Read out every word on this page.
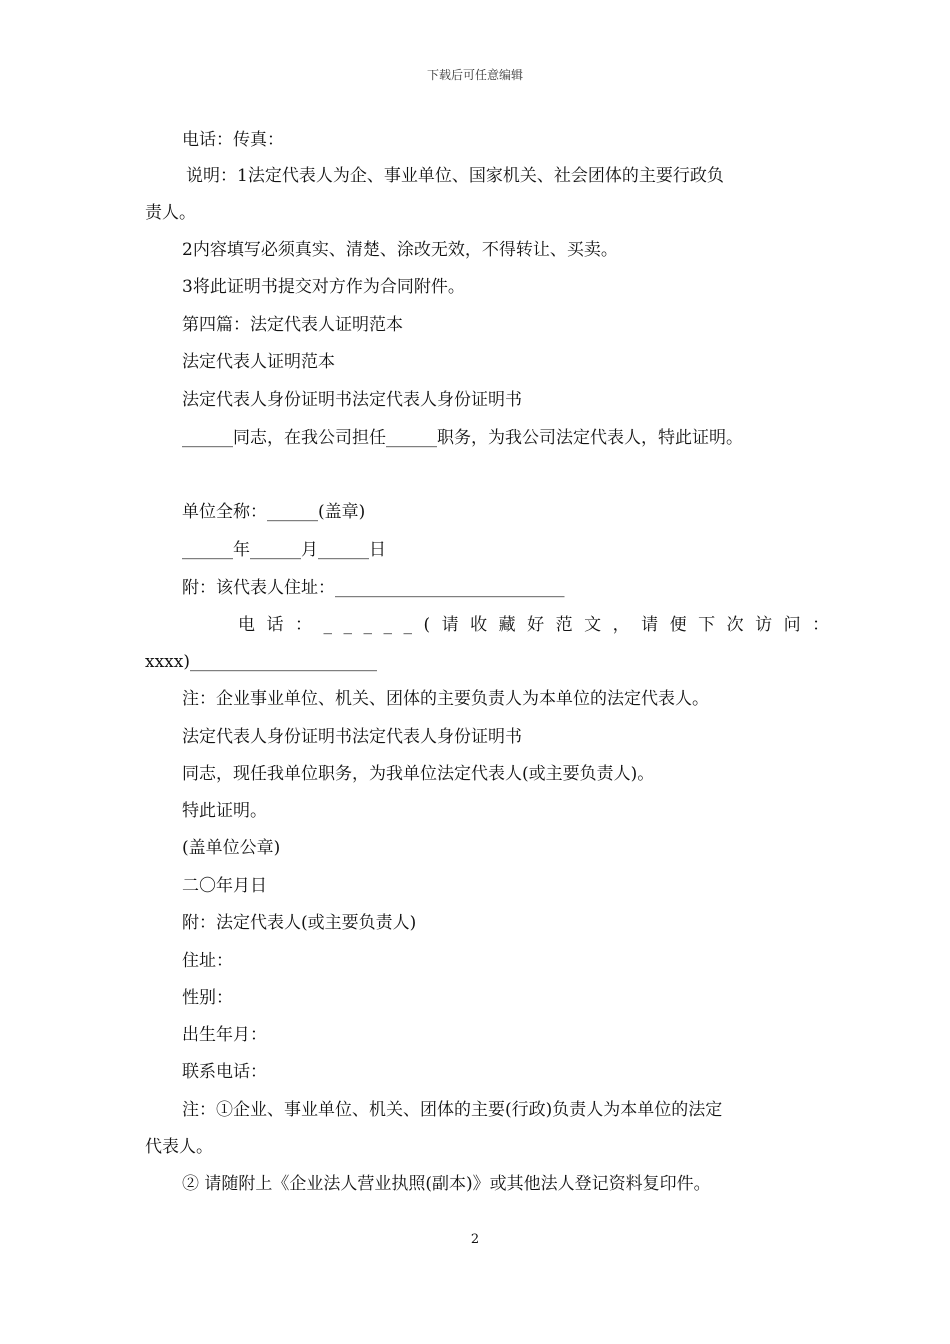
下载后可任意编辑
电话：传真：
说明：1法定代表人为企、事业单位、国家机关、社会团体的主要行政负
责人。
2内容填写必须真实、清楚、涂改无效，不得转让、买卖。
3将此证明书提交对方作为合同附件。
第四篇：法定代表人证明范本
法定代表人证明范本
法定代表人身份证明书法定代表人身份证明书
______同志，在我公司担任______职务，为我公司法定代表人，特此证明。
单位全称：______(盖章)
______年______月______日
附：该代表人住址：___________________________
电话：_____(请收藏好范文，请便下次访问：
xxxx)______________________
注：企业事业单位、机关、团体的主要负责人为本单位的法定代表人。
法定代表人身份证明书法定代表人身份证明书
同志，现任我单位职务，为我单位法定代表人(或主要负责人)。
特此证明。
(盖单位公章)
二〇年月日
附：法定代表人(或主要负责人)
住址：
性别：
出生年月：
联系电话：
注：①企业、事业单位、机关、团体的主要(行政)负责人为本单位的法定
代表人。
② 请随附上《企业法人营业执照(副本)》或其他法人登记资料复印件。
2
